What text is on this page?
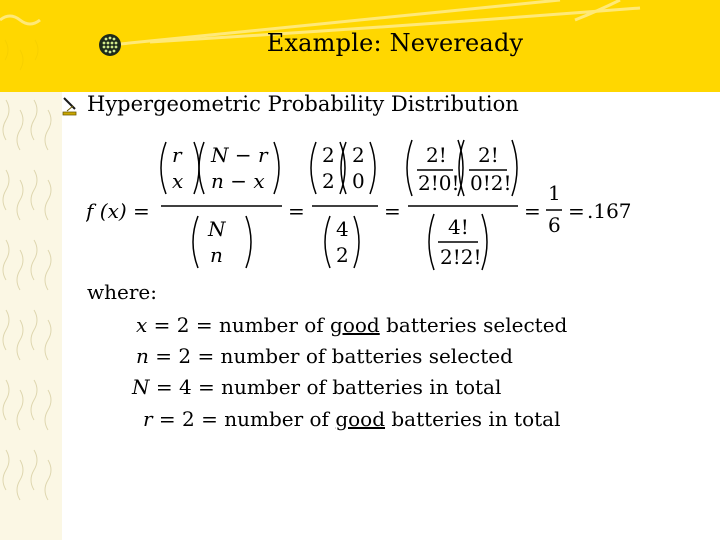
Example: Neveready
Hypergeometric Probability Distribution
f (x) =
r
x
N − r
n − x
N
n
=
2
2
2
0
4
2
=
2!
2!0!
2!
0!2!
4!
2!2!
=
1
6
= .167
where:
x = 2 = number of good batteries selected
n = 2 = number of batteries selected
N = 4 = number of batteries in total
r = 2 = number of good batteries in total
